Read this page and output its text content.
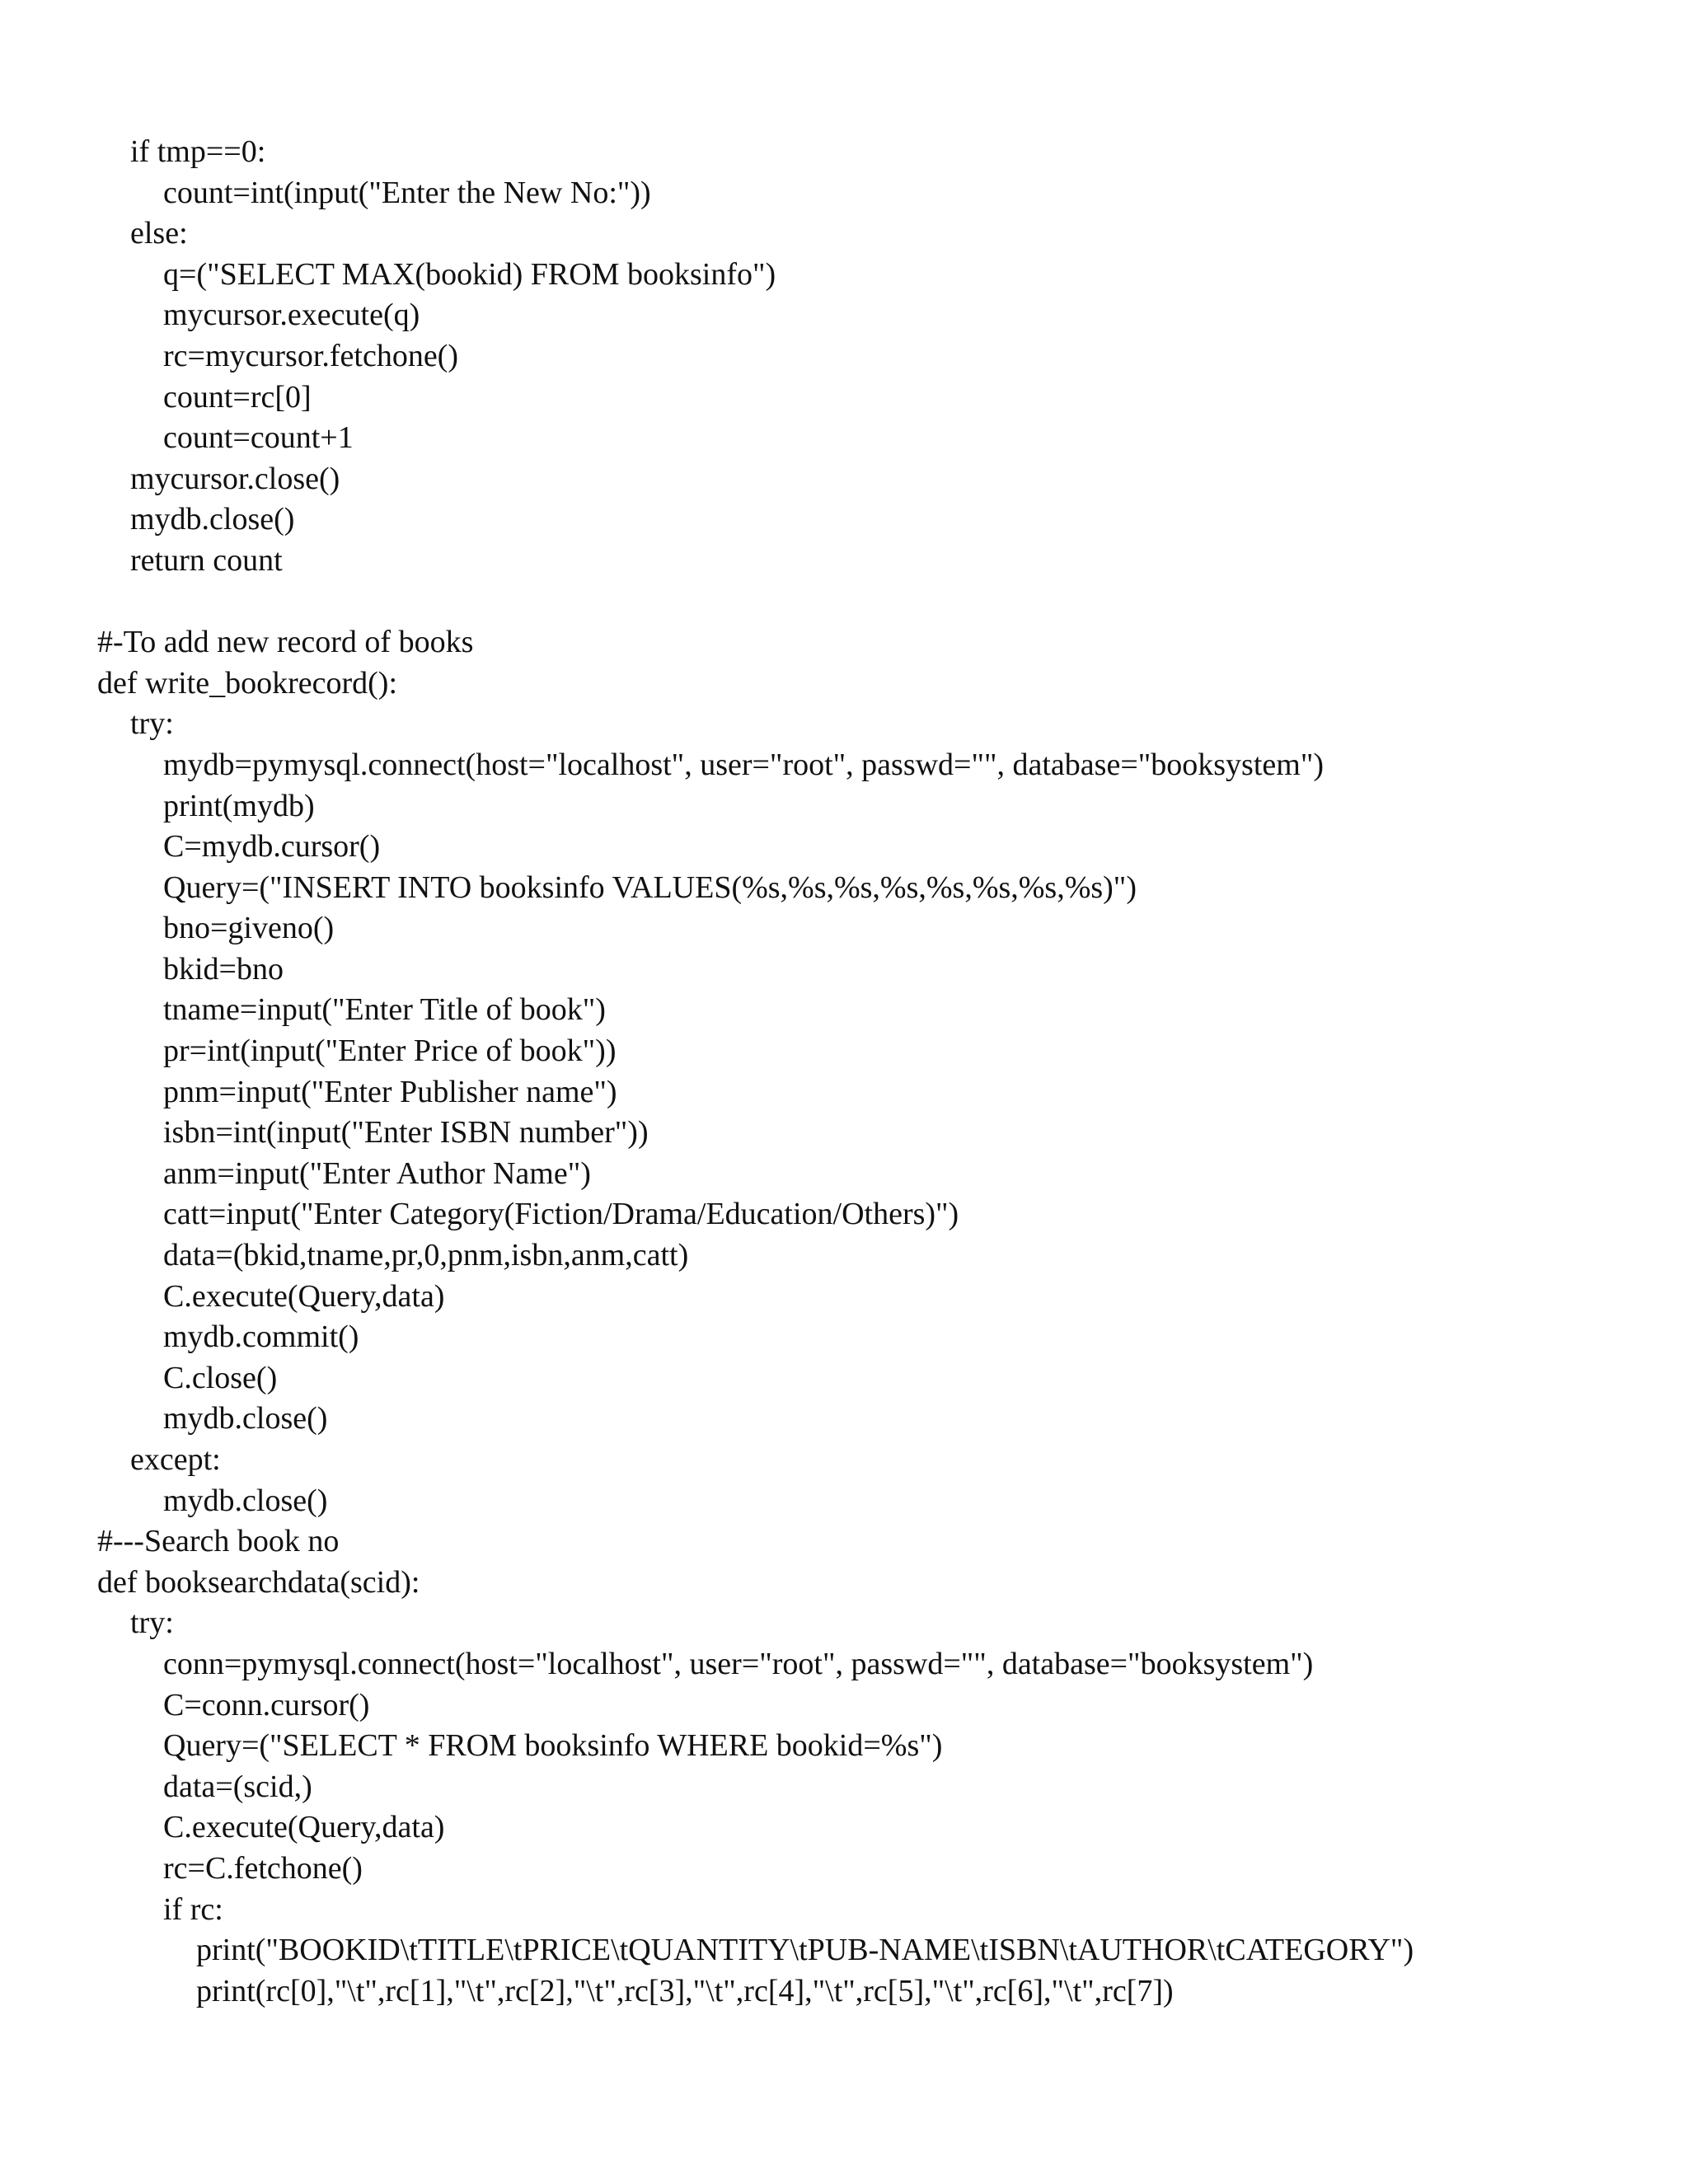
if tmp==0:
count=int(input("Enter the New No:"))
else:
q=("SELECT MAX(bookid) FROM booksinfo")
mycursor.execute(q)
rc=mycursor.fetchone()
count=rc[0]
count=count+1
mycursor.close()
mydb.close()
return count
#-To add new record of books
def write_bookrecord():
try:
mydb=pymysql.connect(host="localhost", user="root", passwd="", database="booksystem")
print(mydb)
C=mydb.cursor()
Query=("INSERT INTO booksinfo VALUES(%s,%s,%s,%s,%s,%s,%s,%s)")
bno=giveno()
bkid=bno
tname=input("Enter Title of book")
pr=int(input("Enter Price of book"))
pnm=input("Enter Publisher name")
isbn=int(input("Enter ISBN number"))
anm=input("Enter Author Name")
catt=input("Enter Category(Fiction/Drama/Education/Others)")
data=(bkid,tname,pr,0,pnm,isbn,anm,catt)
C.execute(Query,data)
mydb.commit()
C.close()
mydb.close()
except:
mydb.close()
#---Search book no
def booksearchdata(scid):
try:
conn=pymysql.connect(host="localhost", user="root", passwd="", database="booksystem")
C=conn.cursor()
Query=("SELECT * FROM booksinfo WHERE bookid=%s")
data=(scid,)
C.execute(Query,data)
rc=C.fetchone()
if rc:
print("BOOKID\tTITLE\tPRICE\tQUANTITY\tPUB-NAME\tISBN\tAUTHOR\tCATEGORY")
print(rc[0],"\t",rc[1],"\t",rc[2],"\t",rc[3],"\t",rc[4],"\t",rc[5],"\t",rc[6],"\t",rc[7])
